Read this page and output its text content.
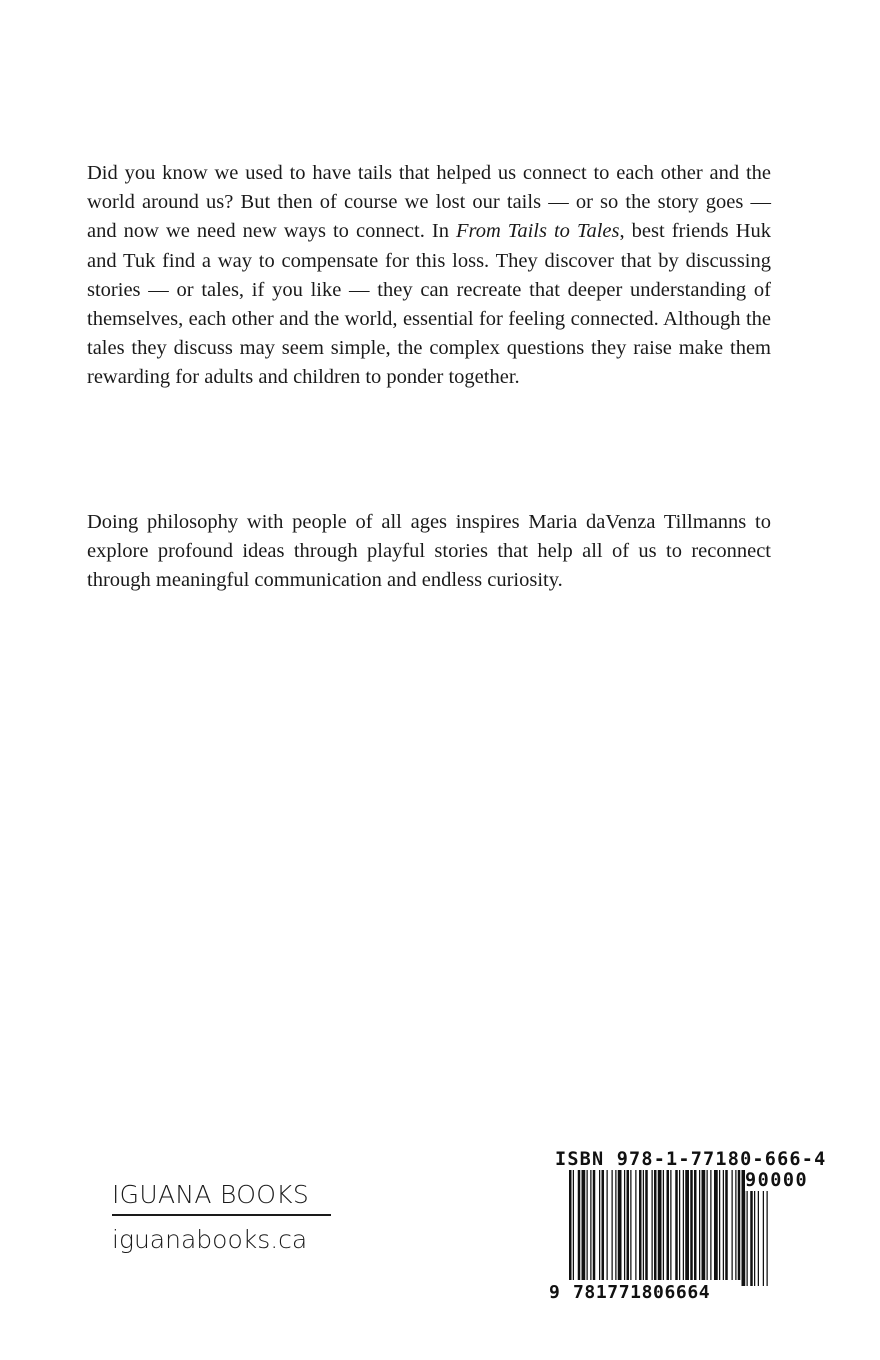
Did you know we used to have tails that helped us connect to each other and the world around us? But then of course we lost our tails — or so the story goes — and now we need new ways to connect. In From Tails to Tales, best friends Huk and Tuk find a way to compensate for this loss. They discover that by discussing stories — or tales, if you like — they can recreate that deeper understanding of themselves, each other and the world, essential for feeling connected. Although the tales they discuss may seem simple, the complex questions they raise make them rewarding for adults and children to ponder together.

Doing philosophy with people of all ages inspires Maria daVenza Tillmanns to explore profound ideas through playful stories that help all of us to reconnect through meaningful communication and endless curiosity.

IGUANA BOOKS
iguanabooks.ca
ISBN 978-1-77180-666-4
90000
9 781771806664
